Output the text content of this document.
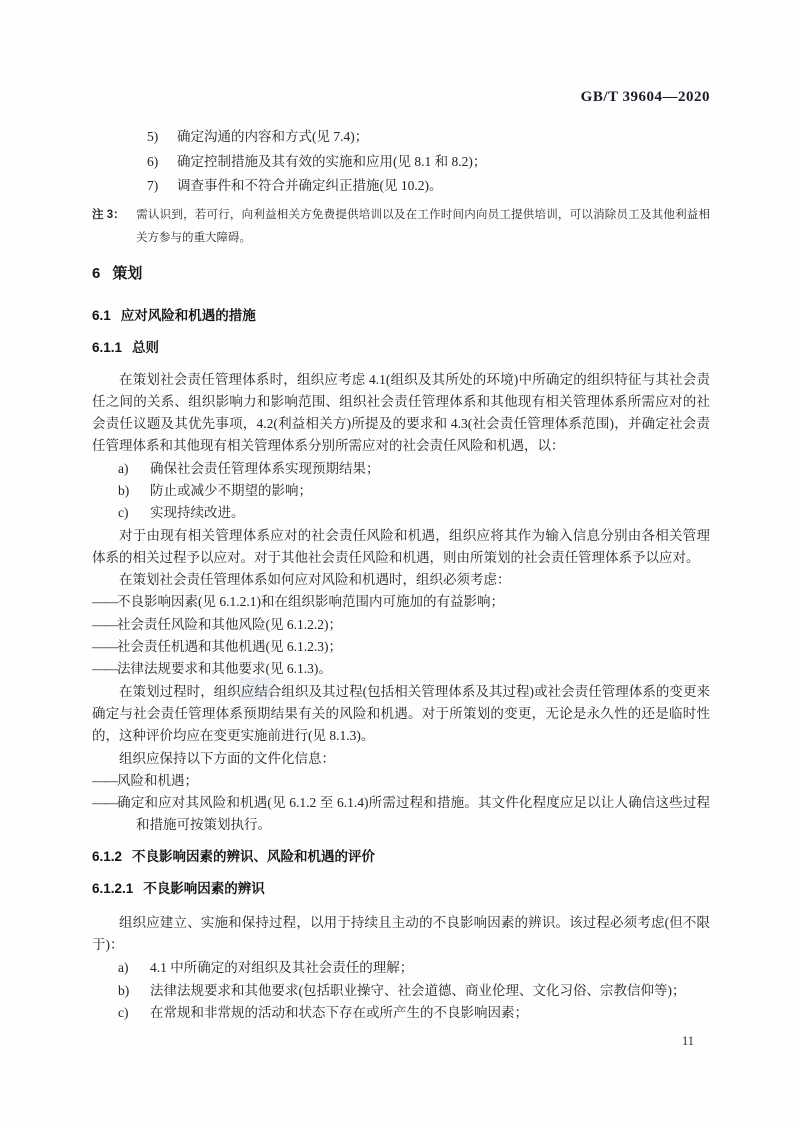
GB/T 39604—2020
5) 确定沟通的内容和方式(见 7.4)；
6) 确定控制措施及其有效的实施和应用(见 8.1 和 8.2)；
7) 调查事件和不符合并确定纠正措施(见 10.2)。
注 3： 需认识到，若可行，向利益相关方免费提供培训以及在工作时间内向员工提供培训，可以消除员工及其他利益相关方参与的重大障碍。
6 策划
6.1 应对风险和机遇的措施
6.1.1 总则
在策划社会责任管理体系时，组织应考虑 4.1(组织及其所处的环境)中所确定的组织特征与其社会责任之间的关系、组织影响力和影响范围、组织社会责任管理体系和其他现有相关管理体系所需应对的社会责任议题及其优先事项，4.2(利益相关方)所提及的要求和 4.3(社会责任管理体系范围)，并确定社会责任管理体系和其他现有相关管理体系分别所需应对的社会责任风险和机遇，以：
a) 确保社会责任管理体系实现预期结果；
b) 防止或减少不期望的影响；
c) 实现持续改进。
对于由现有相关管理体系应对的社会责任风险和机遇，组织应将其作为输入信息分别由各相关管理体系的相关过程予以应对。对于其他社会责任风险和机遇，则由所策划的社会责任管理体系予以应对。
在策划社会责任管理体系如何应对风险和机遇时，组织必须考虑：
——不良影响因素(见 6.1.2.1)和在组织影响范围内可施加的有益影响；
——社会责任风险和其他风险(见 6.1.2.2)；
——社会责任机遇和其他机遇(见 6.1.2.3)；
——法律法规要求和其他要求(见 6.1.3)。
在策划过程时，组织应结合组织及其过程(包括相关管理体系及其过程)或社会责任管理体系的变更来确定与社会责任管理体系预期结果有关的风险和机遇。对于所策划的变更，无论是永久性的还是临时性的，这种评价均应在变更实施前进行(见 8.1.3)。
组织应保持以下方面的文件化信息：
——风险和机遇；
——确定和应对其风险和机遇(见 6.1.2 至 6.1.4)所需过程和措施。其文件化程度应足以让人确信这些过程和措施可按策划执行。
6.1.2 不良影响因素的辨识、风险和机遇的评价
6.1.2.1 不良影响因素的辨识
组织应建立、实施和保持过程，以用于持续且主动的不良影响因素的辨识。该过程必须考虑(但不限于)：
a) 4.1 中所确定的对组织及其社会责任的理解；
b) 法律法规要求和其他要求(包括职业操守、社会道德、商业伦理、文化习俗、宗教信仰等)；
c) 在常规和非常规的活动和状态下存在或所产生的不良影响因素；
11
